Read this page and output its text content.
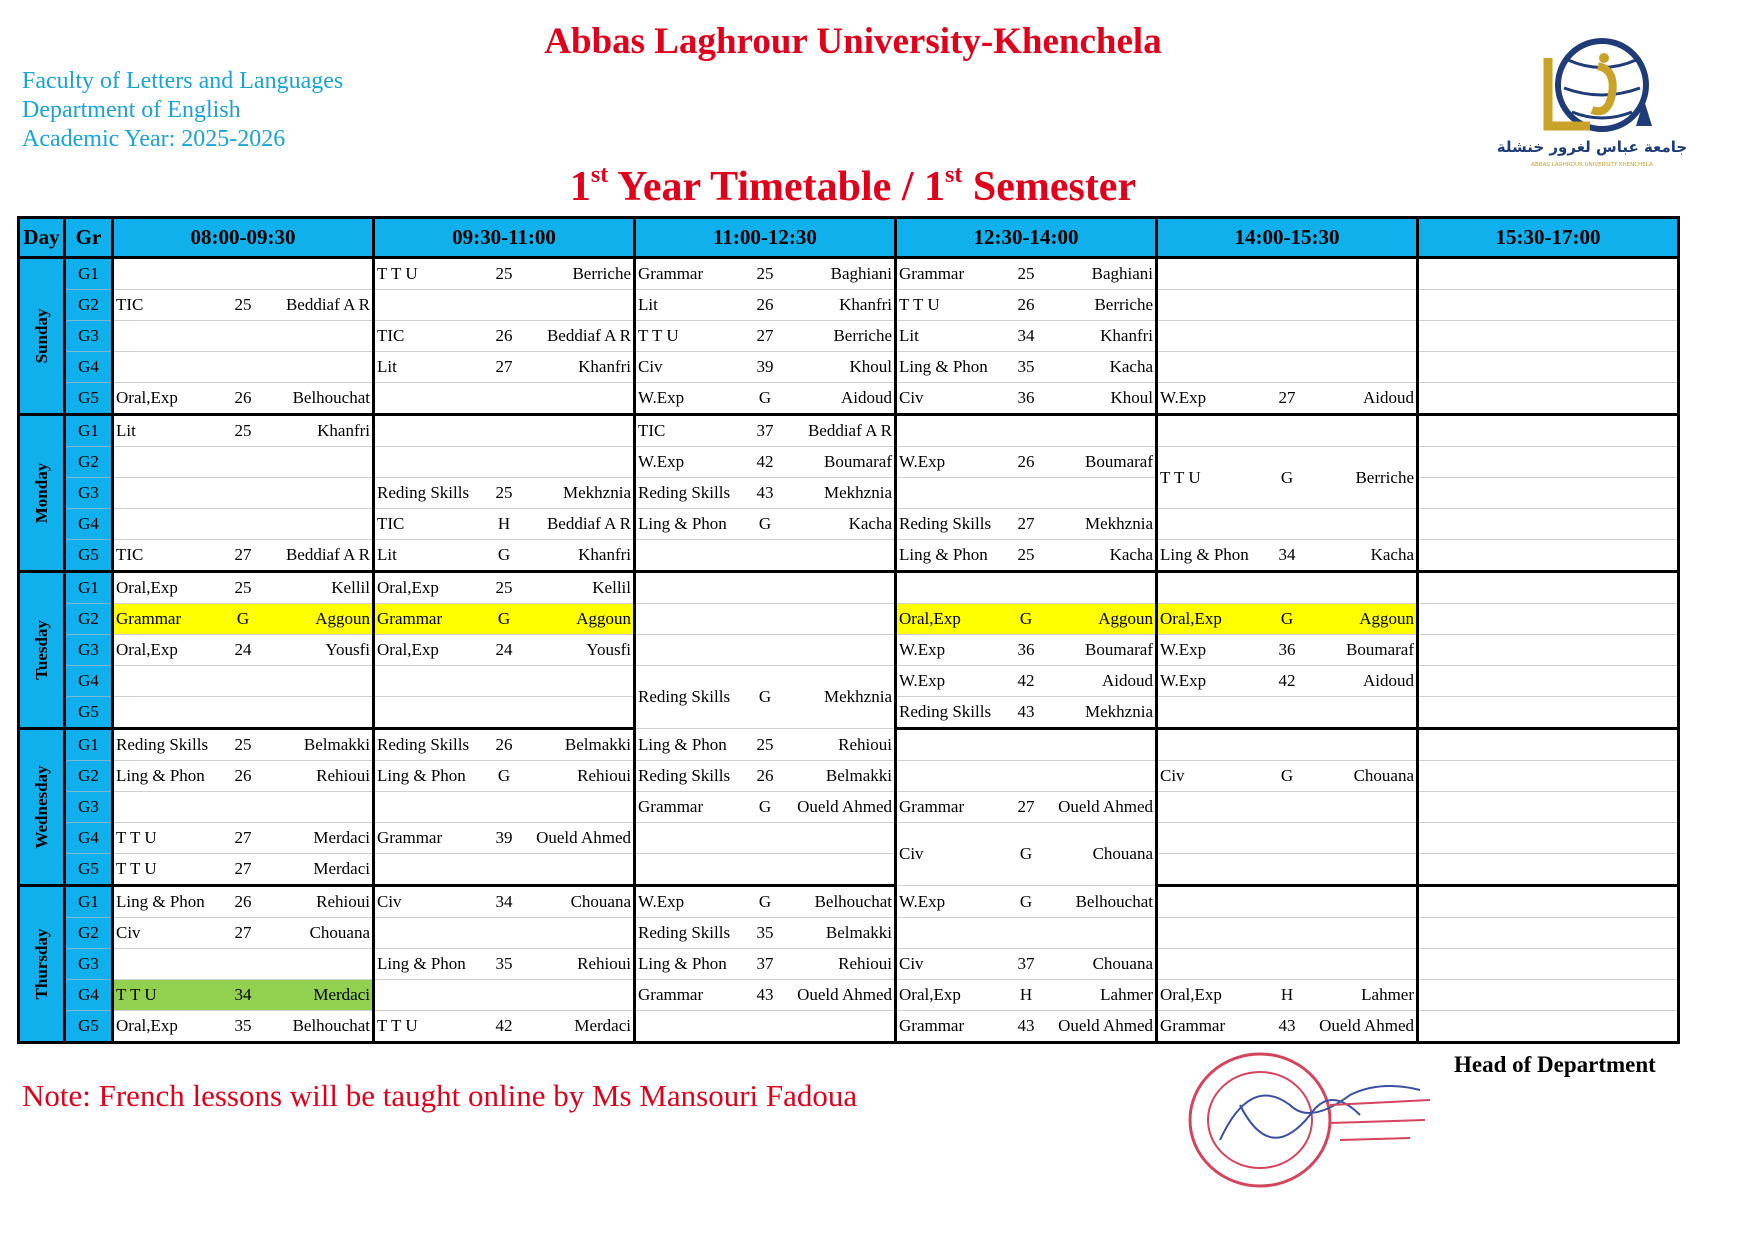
Abbas Laghrour University-Khenchela
Faculty of Letters and Languages
Department of English
Academic Year: 2025-2026	جامعة عباس لغرور خنشلة
ABBAS LAGHROUR UNIVERSITY KHENCHELA
1st Year Timetable / 1st Semester
Day	Gr	08:00-09:30	09:30-11:00	11:00-12:30	12:30-14:00	14:00-15:30	15:30-17:00

Sunday	G1		T T U 25 Berriche	Grammar 25 Baghiani	Grammar 25 Baghiani		

	G2	TIC 25 Beddiaf A R		Lit 26 Khanfri	T T U 26 Berriche		

	G3		TIC 26 Beddiaf A R	T T U 27 Berriche	Lit 34 Khanfri		

	G4		Lit 27 Khanfri	Civ 39 Khoul	Ling & Phon 35 Kacha		

	G5	Oral,Exp 26 Belhouchat		W.Exp G Aidoud	Civ 36 Khoul	W.Exp 27 Aidoud	

Monday	G1	Lit 25 Khanfri		TIC 37 Beddiaf A R			

	G2			W.Exp 42 Boumaraf	W.Exp 26 Boumaraf	T T U G Berriche	

	G3		Reding Skills 25 Mekhznia	Reding Skills 43 Mekhznia			

	G4		TIC H Beddiaf A R	Ling & Phon G Kacha	Reding Skills 27 Mekhznia		

	G5	TIC 27 Beddiaf A R	Lit G Khanfri		Ling & Phon 25 Kacha	Ling & Phon 34 Kacha	

Tuesday	G1	Oral,Exp 25 Kellil	Oral,Exp 25 Kellil				

	G2	Grammar G Aggoun	Grammar G Aggoun		Oral,Exp G Aggoun	Oral,Exp G Aggoun	

	G3	Oral,Exp 24 Yousfi	Oral,Exp 24 Yousfi		W.Exp 36 Boumaraf	W.Exp 36 Boumaraf	

	G4			Reding Skills G Mekhznia	W.Exp 42 Aidoud	W.Exp 42 Aidoud	

	G5				Reding Skills 43 Mekhznia		

Wednesday	G1	Reding Skills 25 Belmakki	Reding Skills 26 Belmakki	Ling & Phon 25 Rehioui			

	G2	Ling & Phon 26 Rehioui	Ling & Phon G Rehioui	Reding Skills 26 Belmakki		Civ G Chouana	

	G3			Grammar G Oueld Ahmed	Grammar 27 Oueld Ahmed		

	G4	T T U 27 Merdaci	Grammar 39 Oueld Ahmed		Civ G Chouana		

	G5	T T U 27 Merdaci					

Thursday	G1	Ling & Phon 26 Rehioui	Civ 34 Chouana	W.Exp G Belhouchat	W.Exp G Belhouchat		

	G2	Civ 27 Chouana		Reding Skills 35 Belmakki			

	G3		Ling & Phon 35 Rehioui	Ling & Phon 37 Rehioui	Civ 37 Chouana		

	G4	T T U 34 Merdaci		Grammar 43 Oueld Ahmed	Oral,Exp H Lahmer	Oral,Exp H Lahmer	

	G5	Oral,Exp 35 Belhouchat	T T U 42 Merdaci		Grammar 43 Oueld Ahmed	Grammar 43 Oueld Ahmed	

Head of Department
Note: French lessons will be taught online by Ms Mansouri Fadoua
